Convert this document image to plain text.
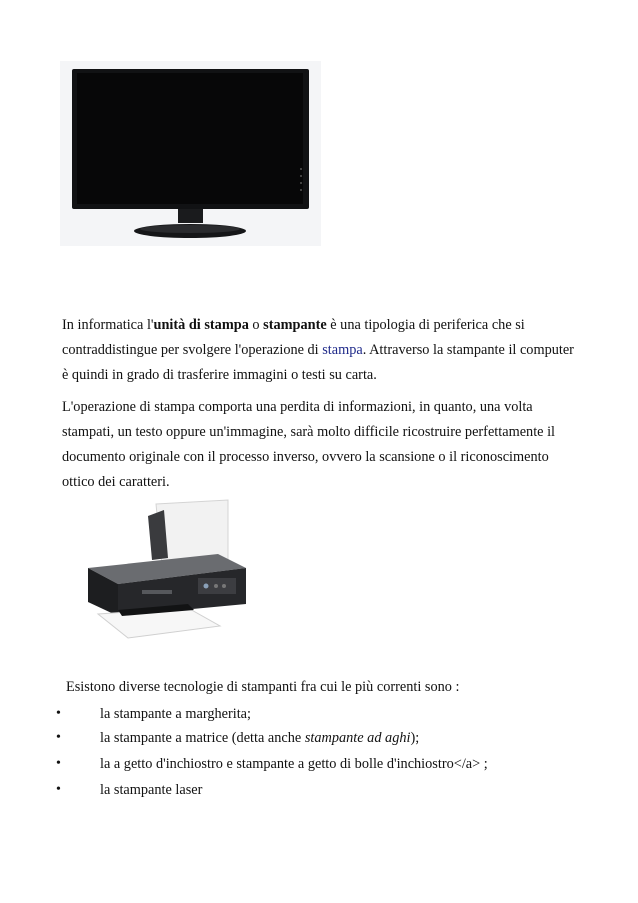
In informatica l'unità di stampa o stampante è una tipologia di periferica che si contraddistingue per svolgere l'operazione di stampa. Attraverso la stampante il computer è quindi in grado di trasferire immagini o testi su carta.

L'operazione di stampa comporta una perdita di informazioni, in quanto, una volta stampati, un testo oppure un'immagine, sarà molto difficile ricostruire perfettamente il documento originale con il processo inverso, ovvero la scansione o il riconoscimento ottico dei caratteri.

Esistono diverse tecnologie di stampanti fra cui le più correnti sono :

•	la stampante a margherita;
•	la stampante a matrice (detta anche stampante ad aghi);
•	la a getto d'inchiostro e stampante a getto di bolle d'inchiostro</a> ;
•	la stampante laser
